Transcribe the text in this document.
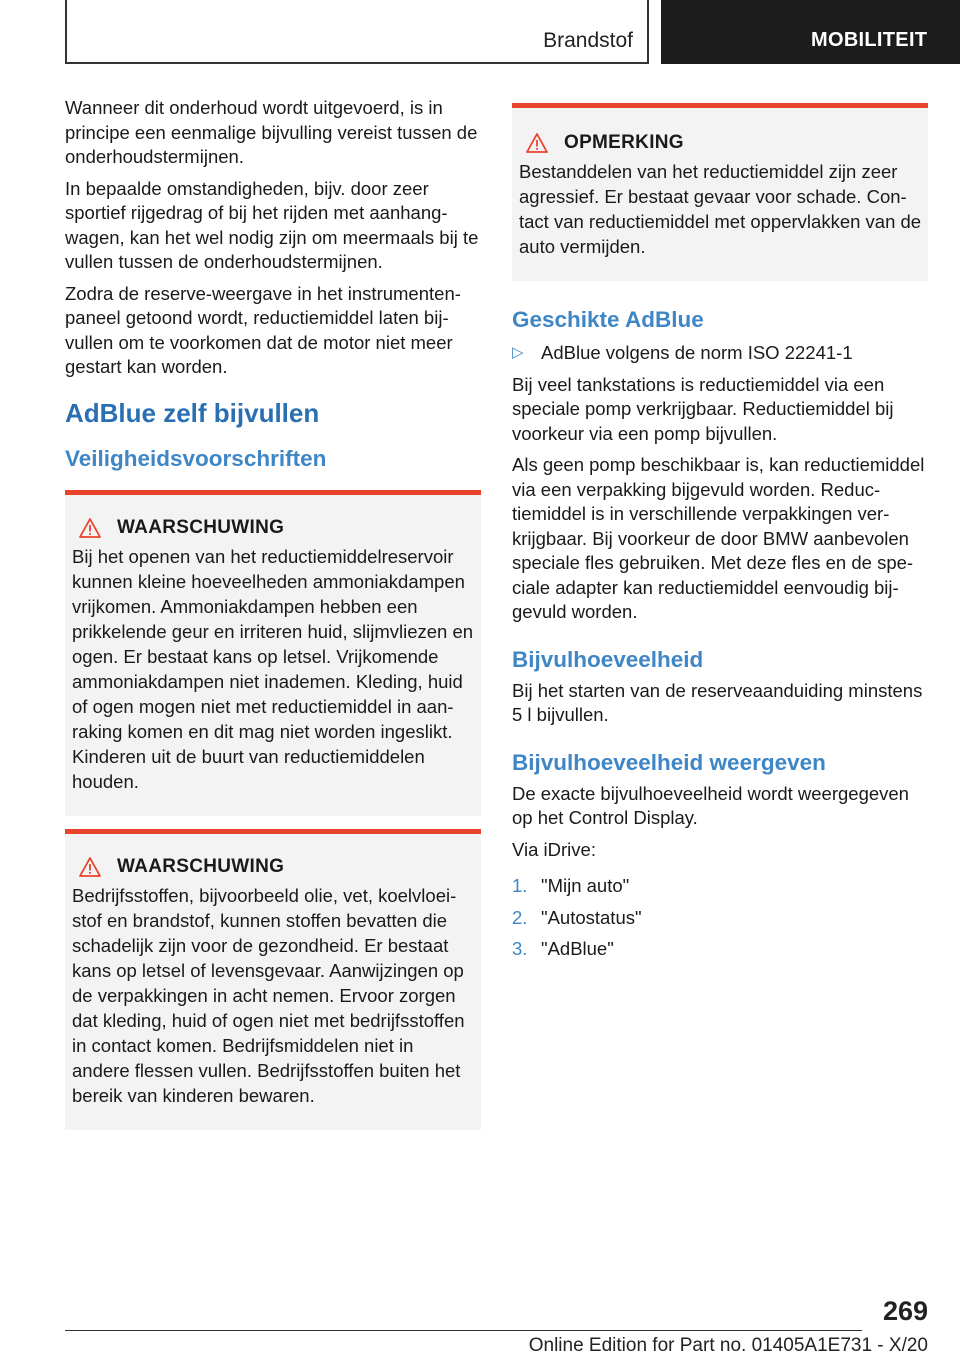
Brandstof	MOBILITEIT

Wanneer dit onderhoud wordt uitgevoerd, is in principe een eenmalige bijvulling vereist tussen de onderhoudstermijnen.

In bepaalde omstandigheden, bijv. door zeer sportief rijgedrag of bij het rijden met aanhangwagen, kan het wel nodig zijn om meermaals bij te vullen tussen de onderhoudstermijnen.

Zodra de reserve-weergave in het instrumentenpaneel getoond wordt, reductiemiddel laten bijvullen om te voorkomen dat de motor niet meer gestart kan worden.

AdBlue zelf bijvullen
Veiligheidsvoorschriften
WAARSCHUWING

Bij het openen van het reductiemiddelreservoir kunnen kleine hoeveelheden ammoniakdampen vrijkomen. Ammoniakdampen hebben een prikkelende geur en irriteren huid, slijmvliezen en ogen. Er bestaat kans op letsel. Vrijkomende ammoniakdampen niet inademen. Kleding, huid of ogen mogen niet met reductiemiddel in aanraking komen en dit mag niet worden ingeslikt. Kinderen uit de buurt van reductiemiddelen houden.

WAARSCHUWING

Bedrijfsstoffen, bijvoorbeeld olie, vet, koelvloeistof en brandstof, kunnen stoffen bevatten die schadelijk zijn voor de gezondheid. Er bestaat kans op letsel of levensgevaar. Aanwijzingen op de verpakkingen in acht nemen. Ervoor zorgen dat kleding, huid of ogen niet met bedrijfsstoffen in contact komen. Bedrijfsmiddelen niet in andere flessen vullen. Bedrijfsstoffen buiten het bereik van kinderen bewaren.

OPMERKING

Bestanddelen van het reductiemiddel zijn zeer agressief. Er bestaat gevaar voor schade. Contact van reductiemiddel met oppervlakken van de auto vermijden.

Geschikte AdBlue
▷ AdBlue volgens de norm ISO 22241-1

Bij veel tankstations is reductiemiddel via een speciale pomp verkrijgbaar. Reductiemiddel bij voorkeur via een pomp bijvullen.

Als geen pomp beschikbaar is, kan reductiemiddel via een verpakking bijgevuld worden. Reductiemiddel is in verschillende verpakkingen verkrijgbaar. Bij voorkeur de door BMW aanbevolen speciale fles gebruiken. Met deze fles en de speciale adapter kan reductiemiddel eenvoudig bijgevuld worden.

Bijvulhoeveelheid

Bij het starten van de reserveaanduiding minstens 5 l bijvullen.

Bijvulhoeveelheid weergeven

De exacte bijvulhoeveelheid wordt weergegeven op het Control Display.

Via iDrive:

1. "Mijn auto"
2. "Autostatus"
3. "AdBlue"
269
Online Edition for Part no. 01405A1E731 - X/20
